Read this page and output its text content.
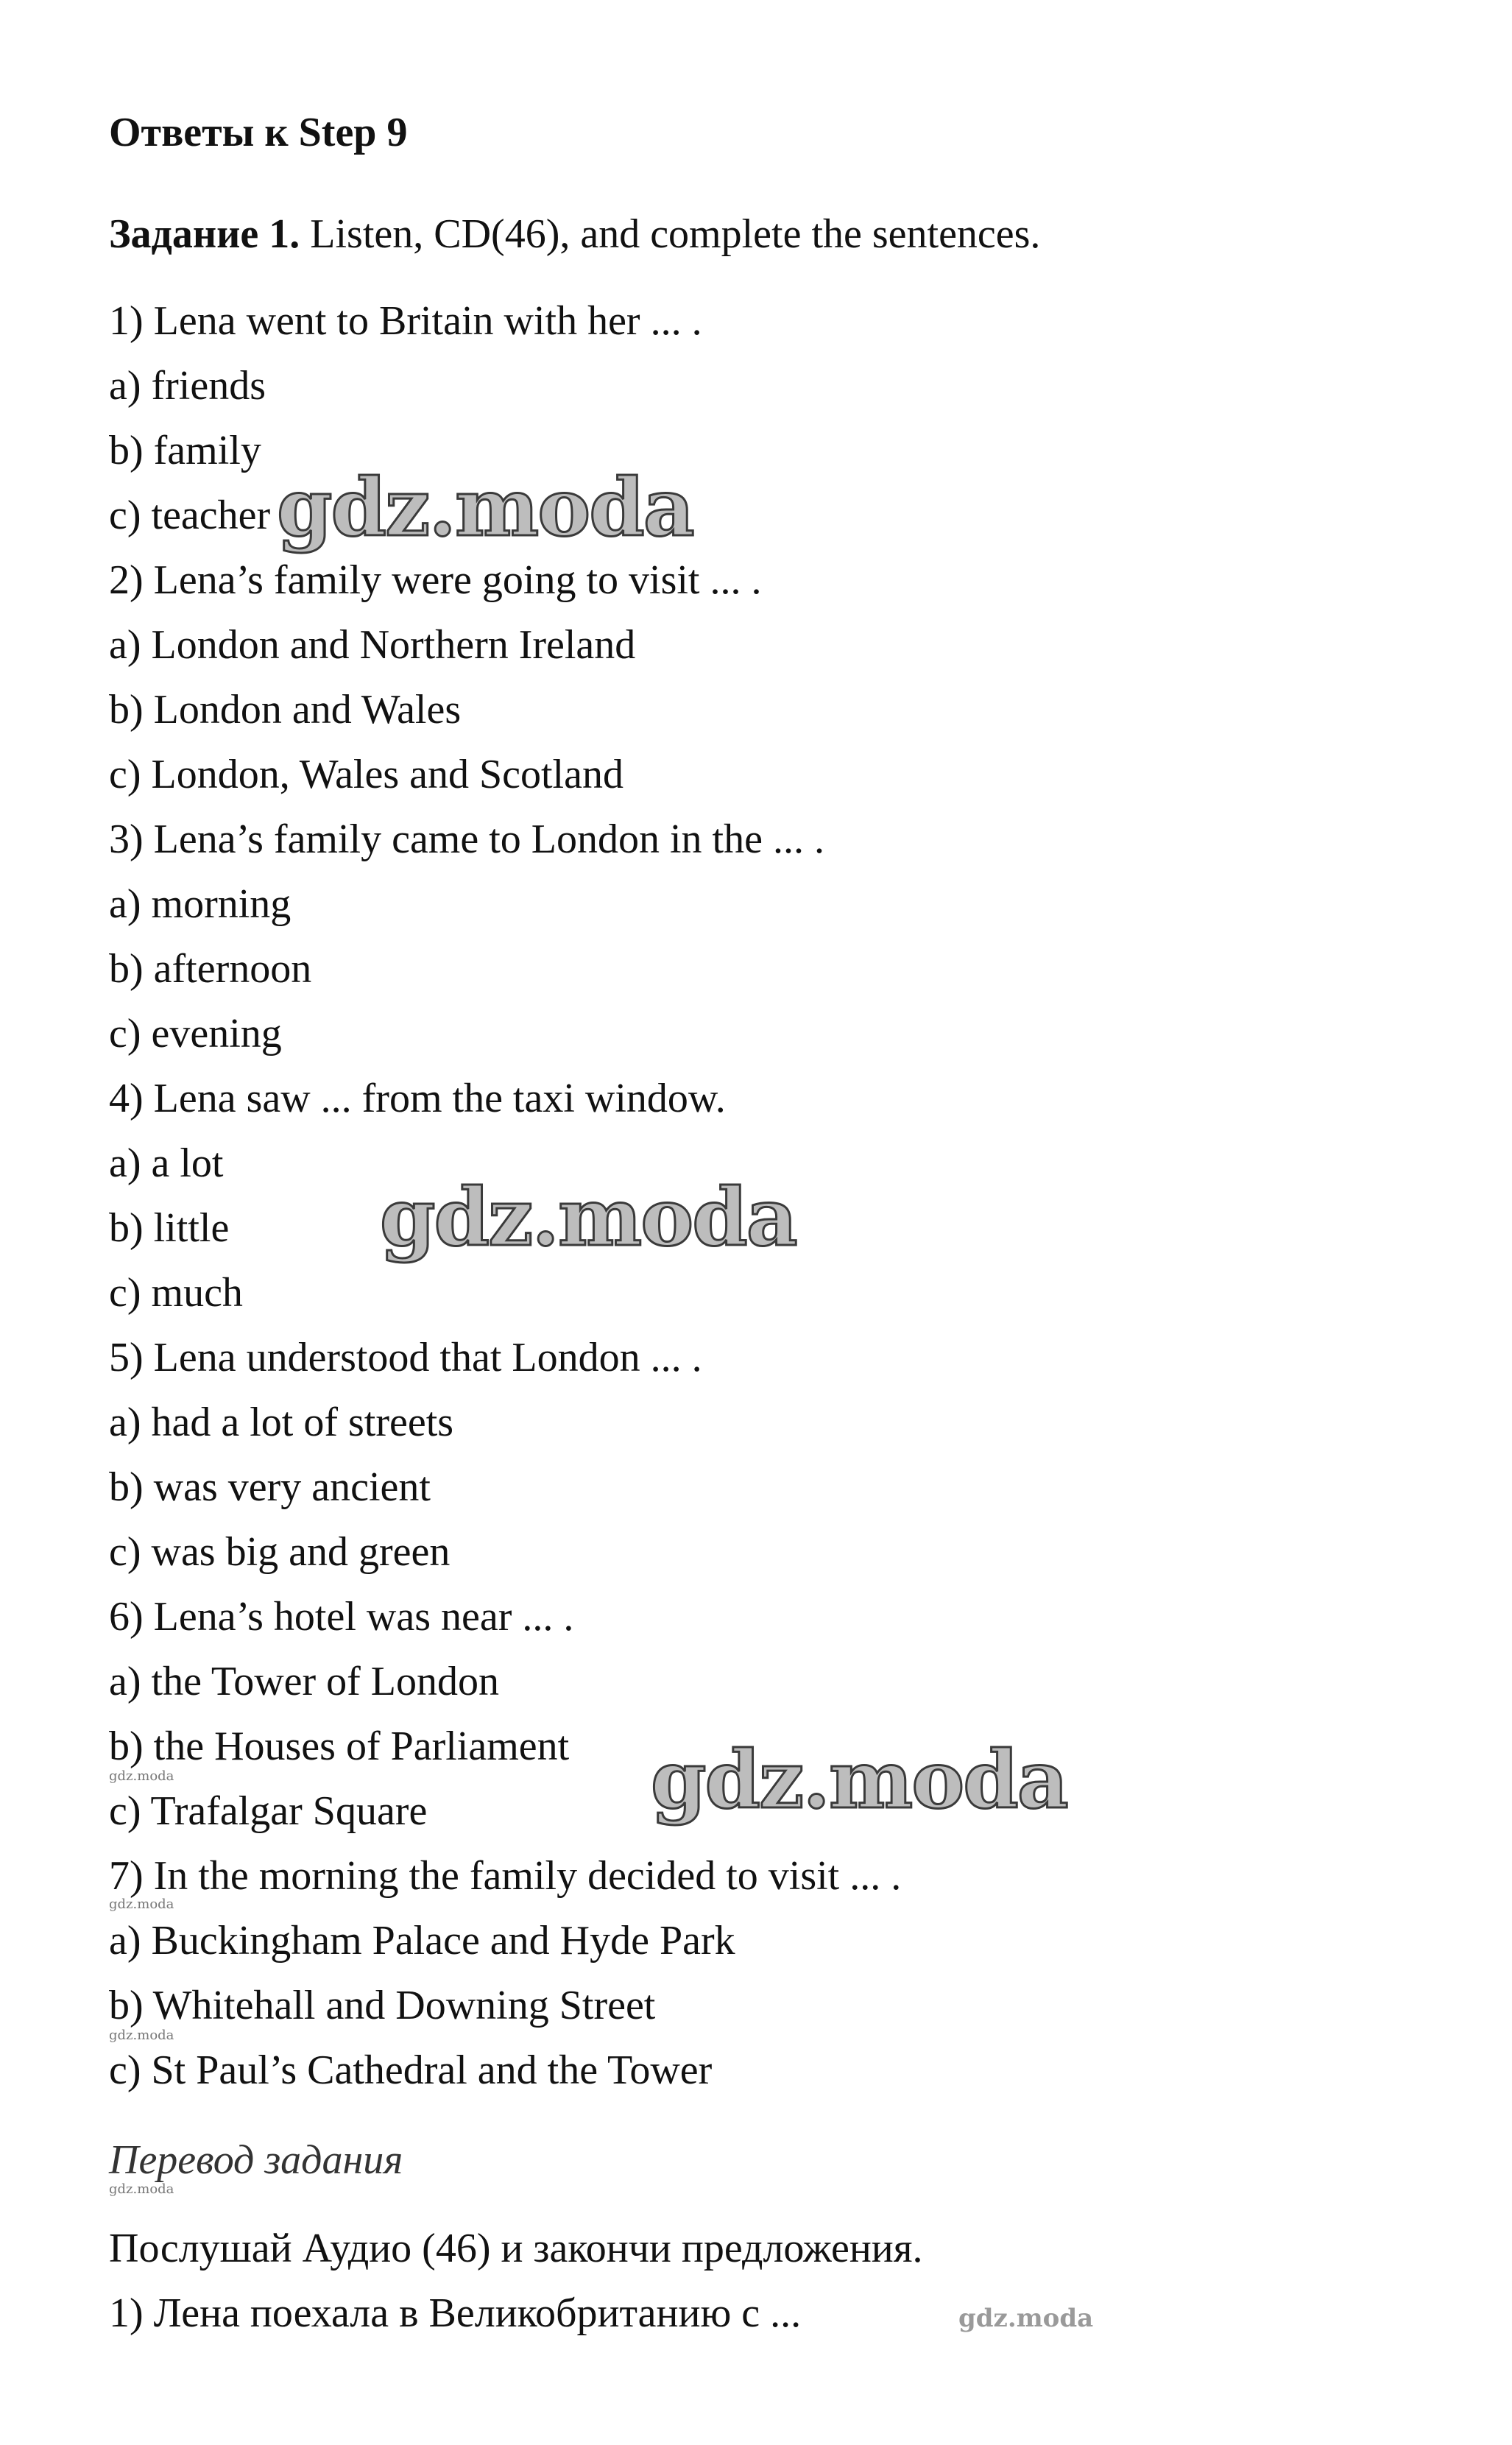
Ответы к Step 9
Задание 1. Listen, CD(46), and complete the sentences.
1) Lena went to Britain with her ... .
a) friends
b) family
c) teacher
2) Lena’s family were going to visit ... .
a) London and Northern Ireland
b) London and Wales
c) London, Wales and Scotland
3) Lena’s family came to London in the ... .
a) morning
b) afternoon
c) evening
4) Lena saw ... from the taxi window.
a) a lot
b) little
c) much
5) Lena understood that London ... .
a) had a lot of streets
b) was very ancient
c) was big and green
6) Lena’s hotel was near ... .
a) the Tower of London
b) the Houses of Parliament
c) Trafalgar Square
7) In the morning the family decided to visit ... .
a) Buckingham Palace and Hyde Park
b) Whitehall and Downing Street
c) St Paul’s Cathedral and the Tower
Перевод задания
Послушай Аудио (46) и закончи предложения.
1) Лена поехала в Великобританию с ...
gdz.moda
gdz.moda
gdz.moda
gdz.moda
gdz.moda
gdz.moda
gdz.moda
gdz.moda
